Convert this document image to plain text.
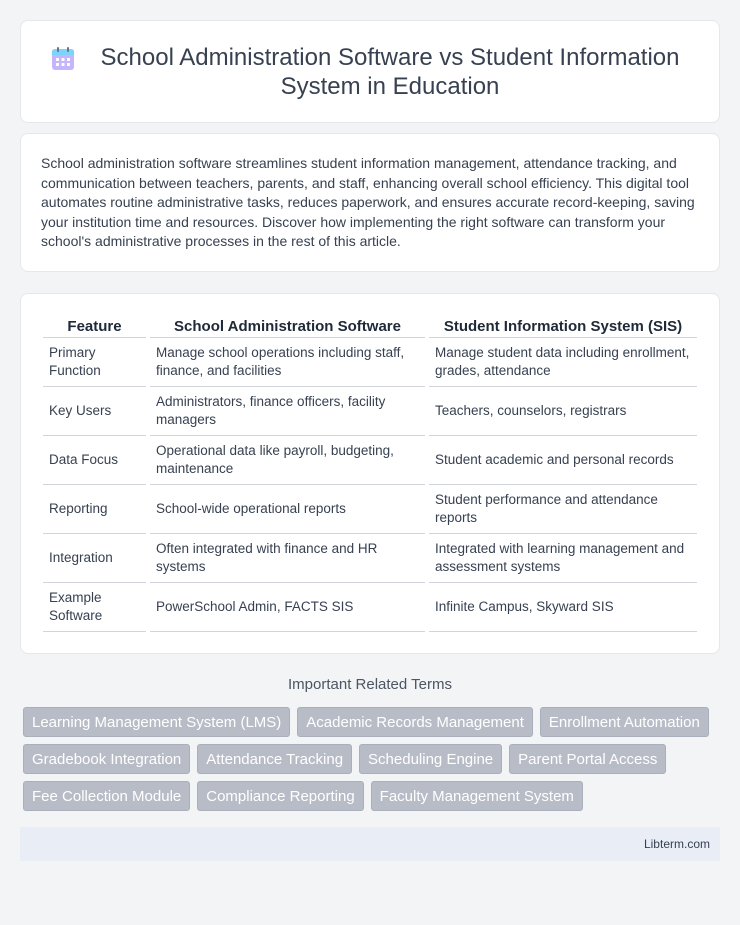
School Administration Software vs Student Information System in Education

School administration software streamlines student information management, attendance tracking, and communication between teachers, parents, and staff, enhancing overall school efficiency. This digital tool automates routine administrative tasks, reduces paperwork, and ensures accurate record-keeping, saving your institution time and resources. Discover how implementing the right software can transform your school's administrative processes in the rest of this article.

Feature	School Administration Software	Student Information System (SIS)
Primary Function	Manage school operations including staff, finance, and facilities	Manage student data including enrollment, grades, attendance
Key Users	Administrators, finance officers, facility managers	Teachers, counselors, registrars
Data Focus	Operational data like payroll, budgeting, maintenance	Student academic and personal records
Reporting	School-wide operational reports	Student performance and attendance reports
Integration	Often integrated with finance and HR systems	Integrated with learning management and assessment systems
Example Software	PowerSchool Admin, FACTS SIS	Infinite Campus, Skyward SIS
Important Related Terms
Learning Management System (LMS)	Academic Records Management	Enrollment Automation
Gradebook Integration	Attendance Tracking	Scheduling Engine	Parent Portal Access
Fee Collection Module	Compliance Reporting	Faculty Management System
Libterm.com
